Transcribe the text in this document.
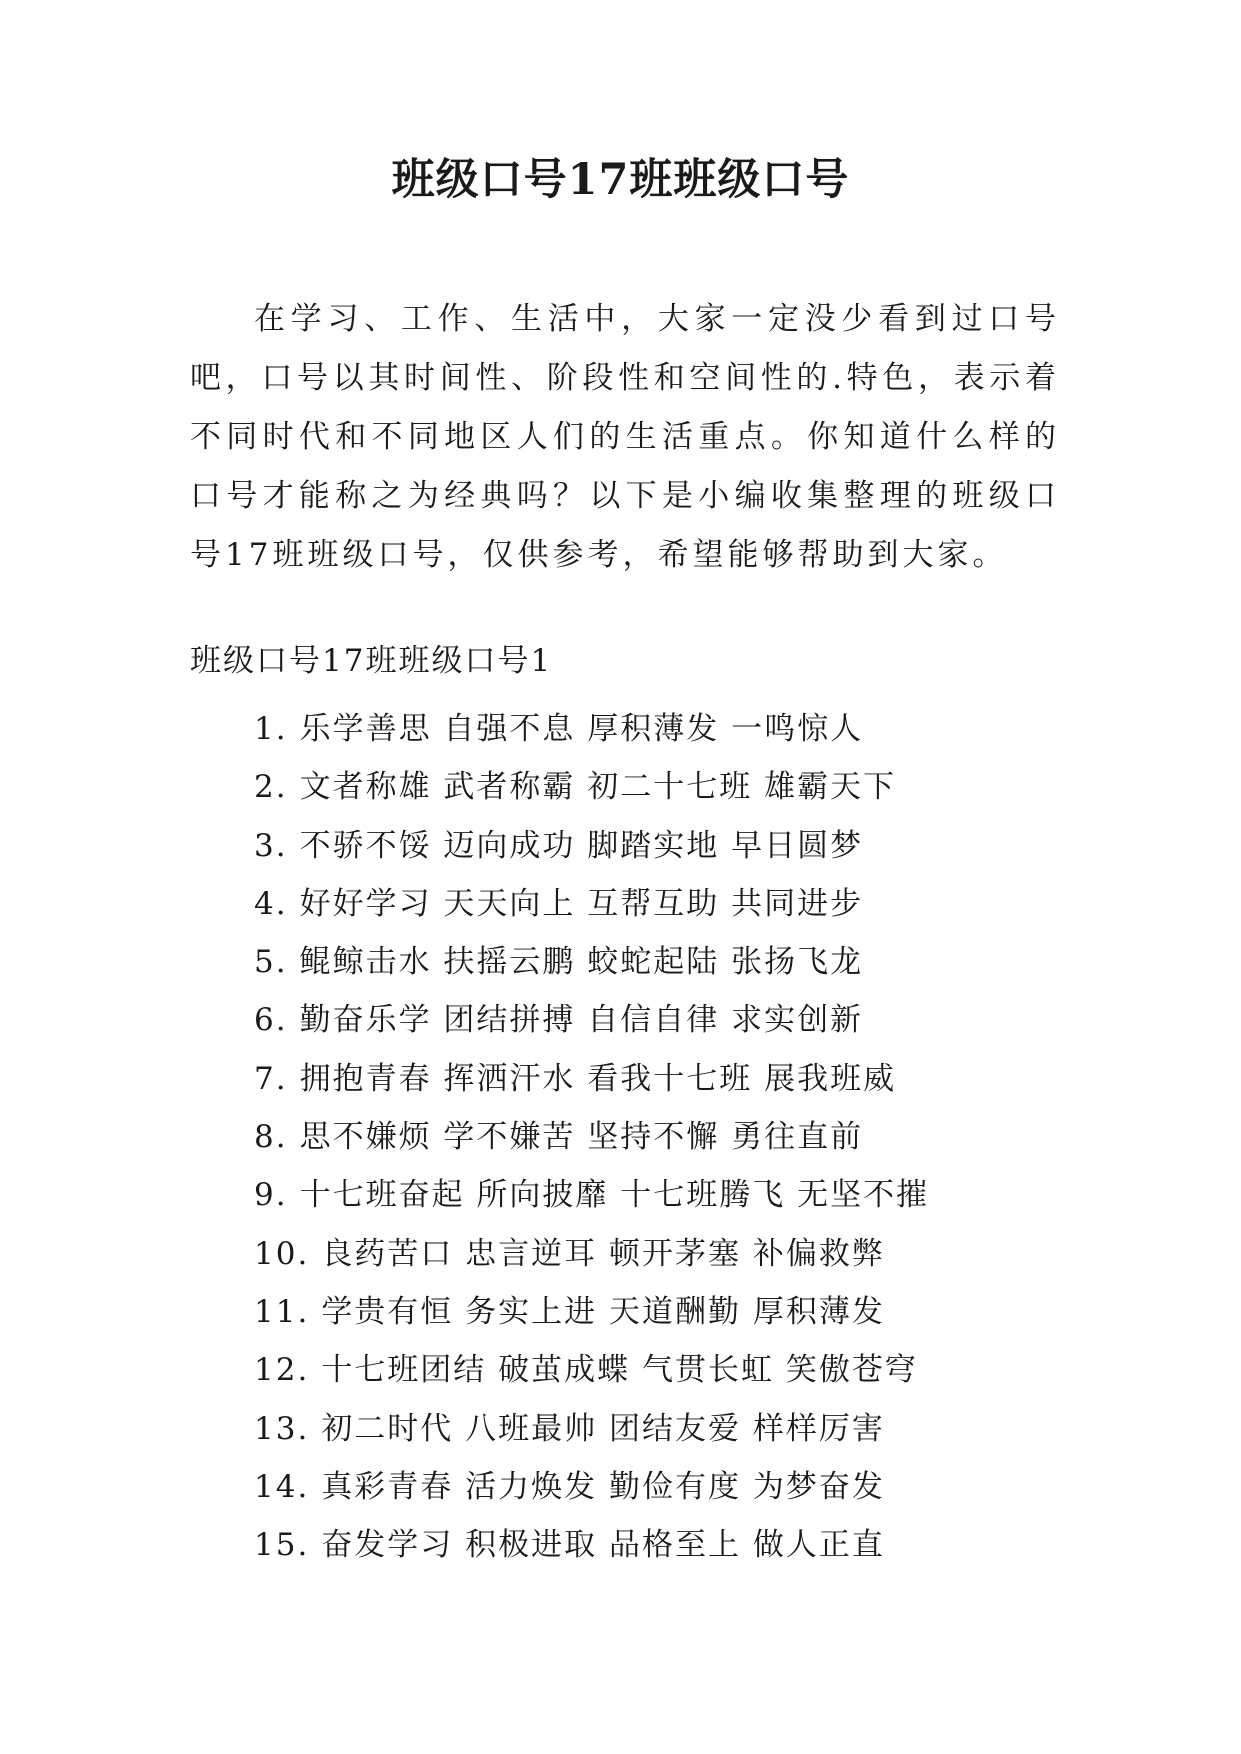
班级口号17班班级口号

在学习、工作、生活中，大家一定没少看到过口号吧，口号以其时间性、阶段性和空间性的.特色，表示着不同时代和不同地区人们的生活重点。你知道什么样的口号才能称之为经典吗？以下是小编收集整理的班级口号17班班级口号，仅供参考，希望能够帮助到大家。

班级口号17班班级口号1

1. 乐学善思 自强不息 厚积薄发 一鸣惊人
2. 文者称雄 武者称霸 初二十七班 雄霸天下
3. 不骄不馁 迈向成功 脚踏实地 早日圆梦
4. 好好学习 天天向上 互帮互助 共同进步
5. 鲲鲸击水 扶摇云鹏 蛟蛇起陆 张扬飞龙
6. 勤奋乐学 团结拼搏 自信自律 求实创新
7. 拥抱青春 挥洒汗水 看我十七班 展我班威
8. 思不嫌烦 学不嫌苦 坚持不懈 勇往直前
9. 十七班奋起 所向披靡 十七班腾飞 无坚不摧
10. 良药苦口 忠言逆耳 顿开茅塞 补偏救弊
11. 学贵有恒 务实上进 天道酬勤 厚积薄发
12. 十七班团结 破茧成蝶 气贯长虹 笑傲苍穹
13. 初二时代 八班最帅 团结友爱 样样厉害
14. 真彩青春 活力焕发 勤俭有度 为梦奋发
15. 奋发学习 积极进取 品格至上 做人正直
